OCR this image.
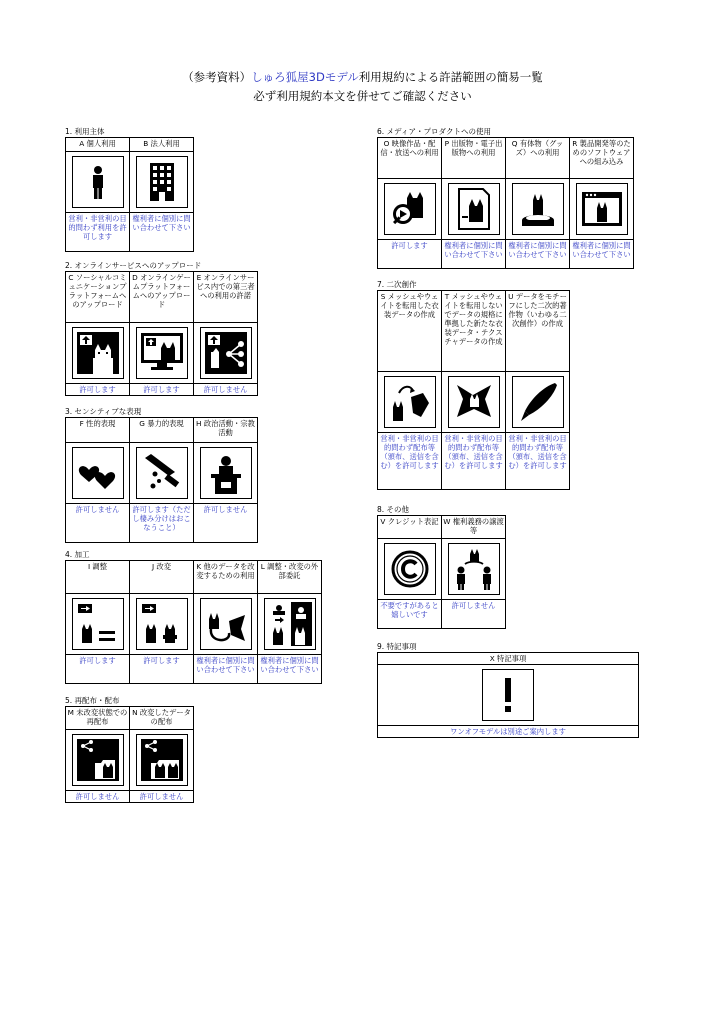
（参考資料）しゅろ狐屋3Dモデル利用規約による許諾範囲の簡易一覧
必ず利用規約本文を併せてご確認ください
1. 利用主体
A 個人利用	B 法人利用

営利・非営利の目的問わず利用を許可します	権利者に個別に問い合わせて下さい
2. オンラインサービスへのアップロード
C ソーシャルコミュニケーションプラットフォームへのアップロード	D オンラインゲームプラットフォームへのアップロード	E オンラインサービス内での第三者への利用の許諾

許可します	許可します	許可しません
3. センシティブな表現
F 性的表現	G 暴力的表現	H 政治活動・宗教活動

許可しません	許可します（ただし棲み分けはおこなうこと）	許可しません
4. 加工
I 調整	J 改変	K 他のデータを改変するための利用	L 調整・改変の外部委託

許可します	許可します	権利者に個別に問い合わせて下さい	権利者に個別に問い合わせて下さい
5. 再配布・配布
M 未改変状態での再配布	N 改変したデータの配布

許可しません	許可しません
6. メディア・プロダクトへの使用
O 映像作品・配信・放送への利用	P 出版物・電子出版物への利用	Q 有体物（グッズ）への利用	R 製品開発等のためのソフトウェアへの組み込み

許可します	権利者に個別に問い合わせて下さい	権利者に個別に問い合わせて下さい	権利者に個別に問い合わせて下さい
7. 二次創作
S メッシュやウェイトを転用した衣装データの作成	T メッシュやウェイトを転用しないでデータの規格に準拠した新たな衣装データ・テクスチャデータの作成	U データをモチーフにした二次的著作物（いわゆる二次創作）の作成

営利・非営利の目的問わず配布等（頒布、送信を含む）を許可します	営利・非営利の目的問わず配布等（頒布、送信を含む）を許可します	営利・非営利の目的問わず配布等（頒布、送信を含む）を許可します
8. その他
V クレジット表記	W 権利義務の譲渡等

不要ですがあると嬉しいです	許可しません
9. 特記事項
X 特記事項

ワンオフモデルは別途ご案内します
